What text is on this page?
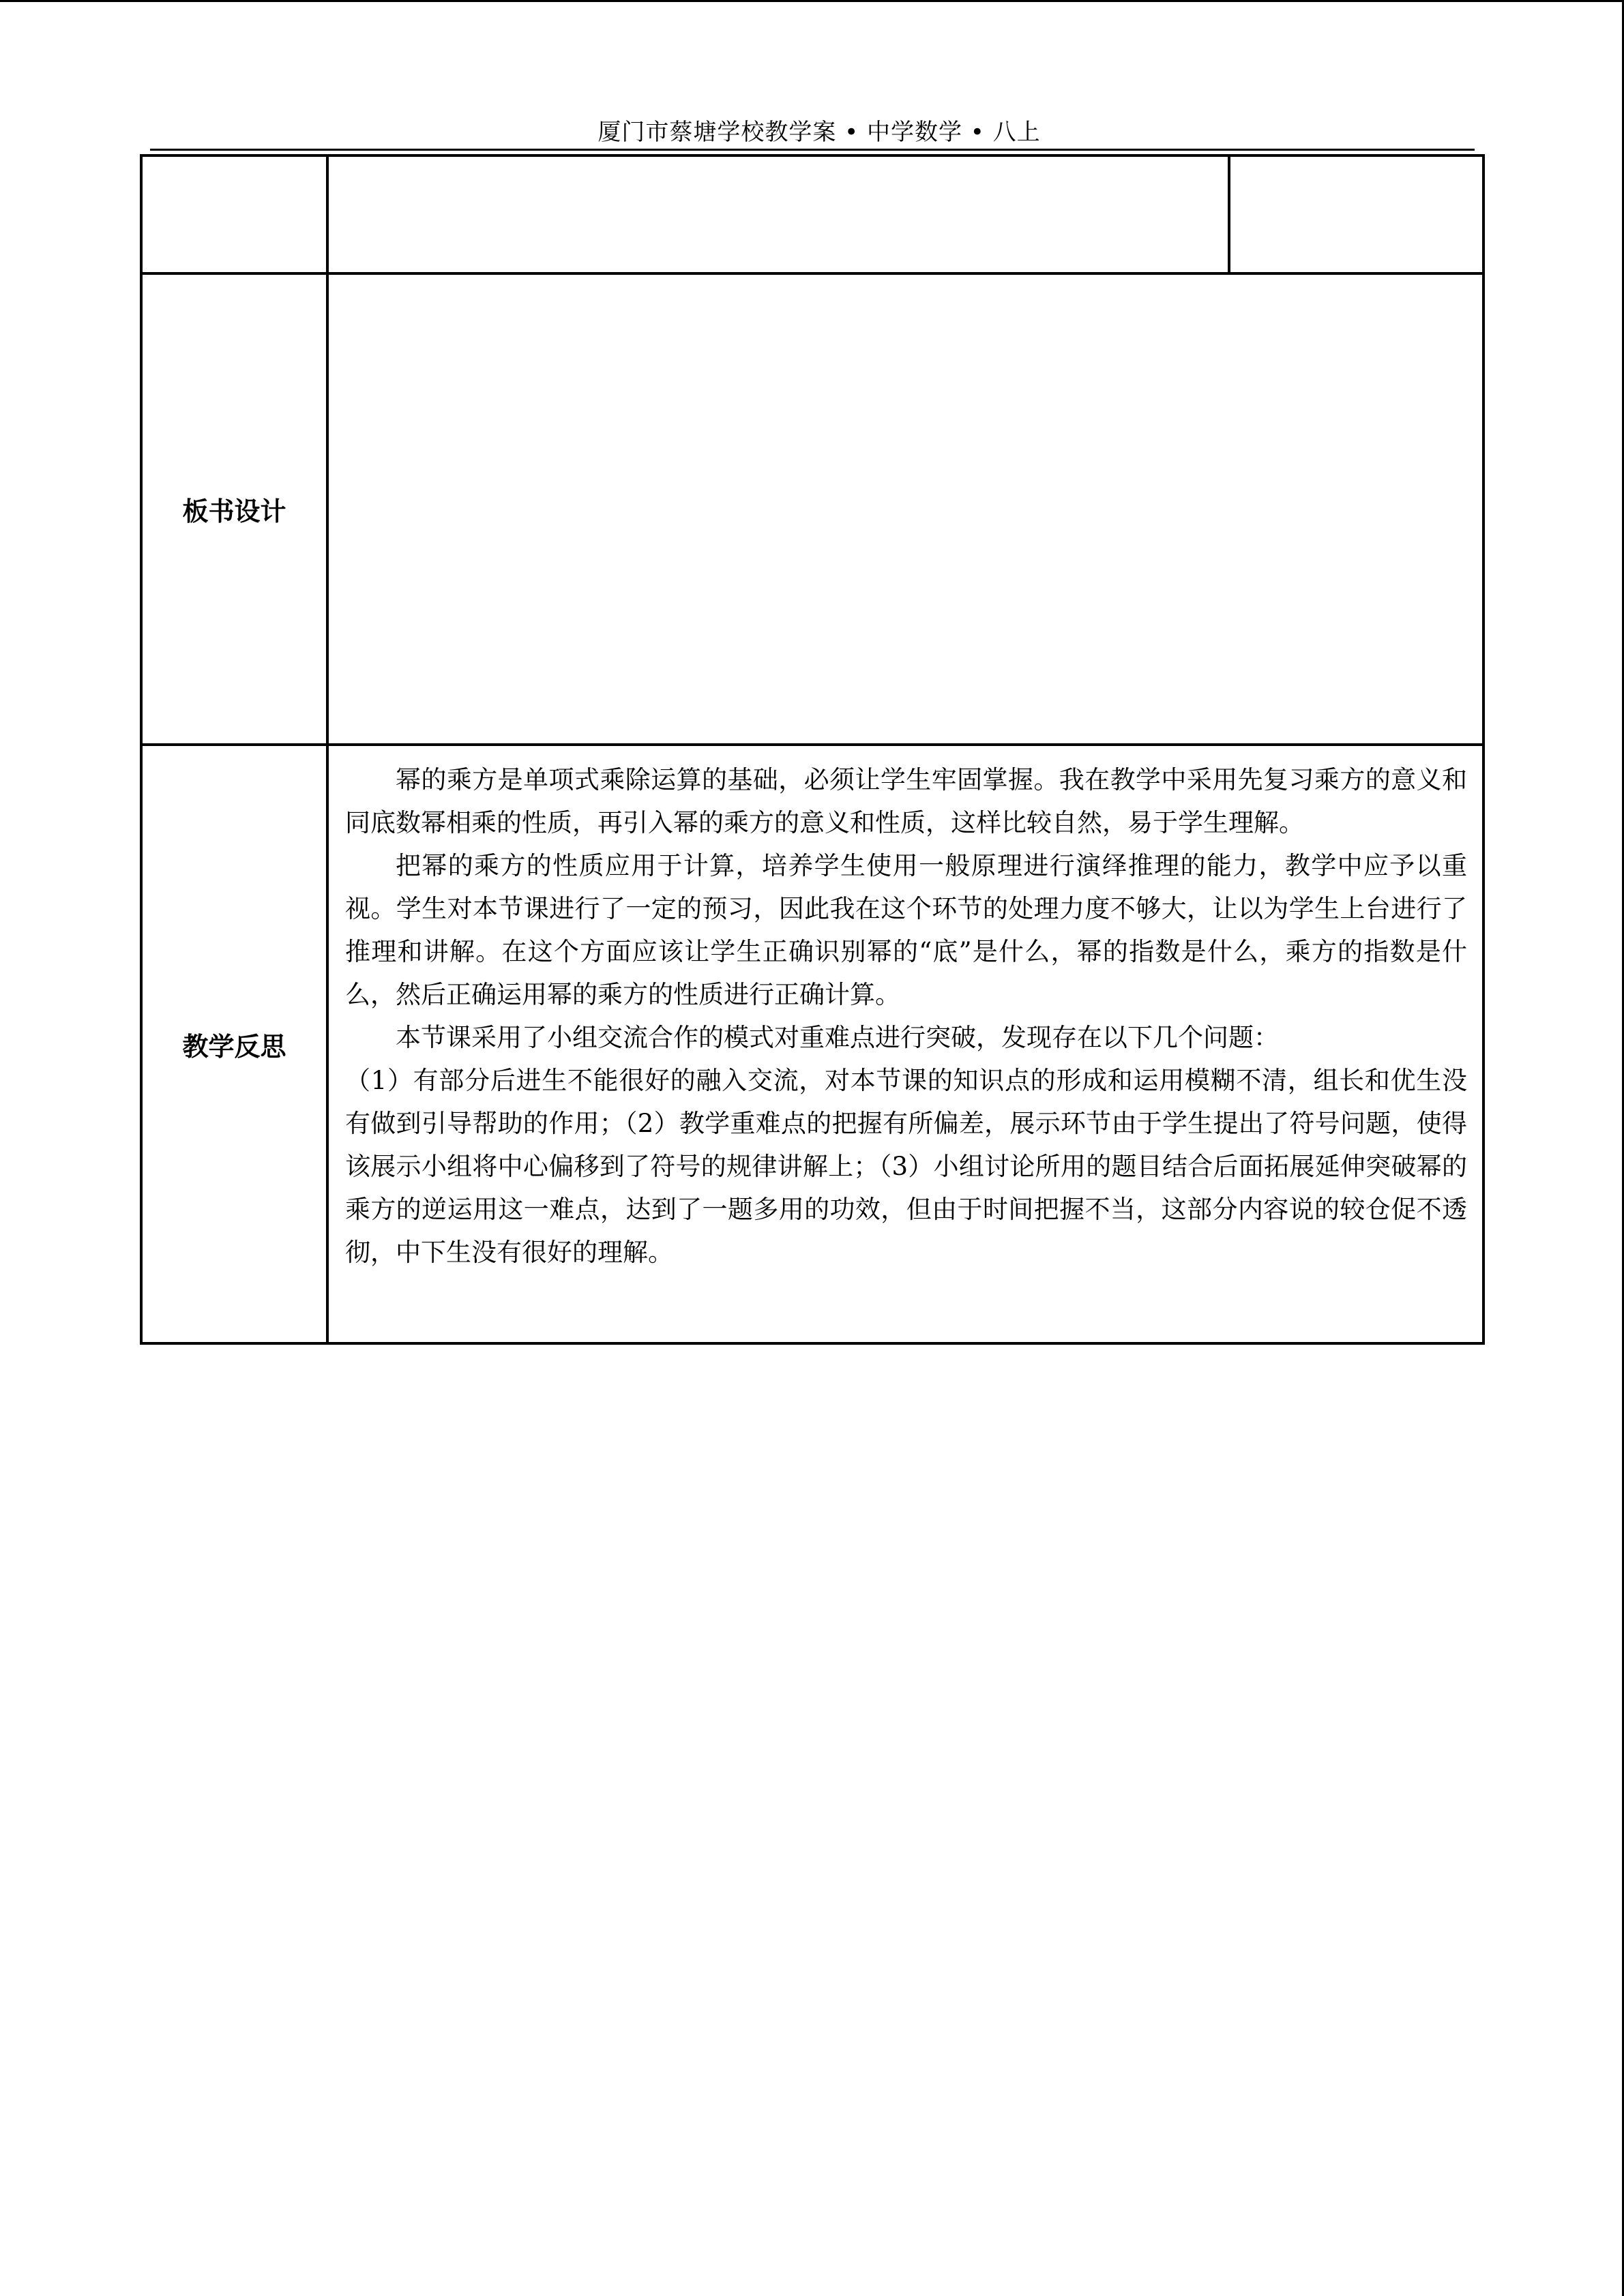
厦门市蔡塘学校教学案 • 中学数学 • 八上

板书设计		
教学反思	幂的乘方是单项式乘除运算的基础，必须让学生牢固掌握。我在教学中采用先复习乘方的意义和同底数幂相乘的性质，再引入幂的乘方的意义和性质，这样比较自然，易于学生理解。

把幂的乘方的性质应用于计算，培养学生使用一般原理进行演绎推理的能力，教学中应予以重视。学生对本节课进行了一定的预习，因此我在这个环节的处理力度不够大，让以为学生上台进行了推理和讲解。在这个方面应该让学生正确识别幂的“底”是什么，幂的指数是什么，乘方的指数是什么，然后正确运用幂的乘方的性质进行正确计算。

本节课采用了小组交流合作的模式对重难点进行突破，发现存在以下几个问题：

（1）有部分后进生不能很好的融入交流，对本节课的知识点的形成和运用模糊不清，组长和优生没有做到引导帮助的作用；（2）教学重难点的把握有所偏差，展示环节由于学生提出了符号问题，使得该展示小组将中心偏移到了符号的规律讲解上；（3）小组讨论所用的题目结合后面拓展延伸突破幂的乘方的逆运用这一难点，达到了一题多用的功效，但由于时间把握不当，这部分内容说的较仓促不透彻，中下生没有很好的理解。	
